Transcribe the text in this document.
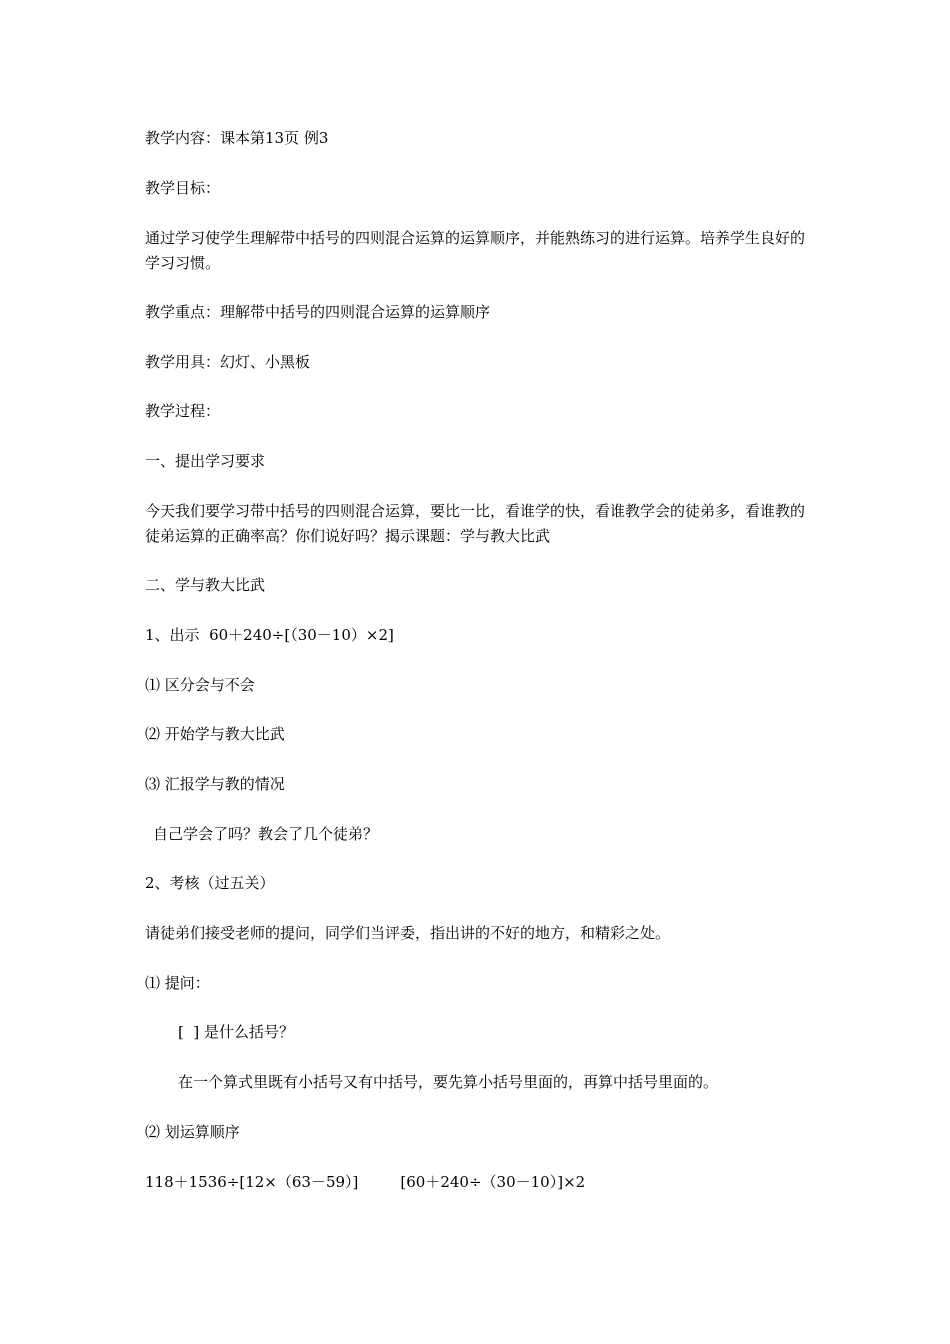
教学内容：课本第13页 例3
教学目标：
通过学习使学生理解带中括号的四则混合运算的运算顺序，并能熟练习的进行运算。培养学生良好的学习习惯。
教学重点：理解带中括号的四则混合运算的运算顺序
教学用具：幻灯、小黑板
教学过程：
一、提出学习要求
今天我们要学习带中括号的四则混合运算，要比一比，看谁学的快，看谁教学会的徒弟多，看谁教的徒弟运算的正确率高？你们说好吗？揭示课题：学与教大比武
二、学与教大比武
1、出示  60＋240÷[（30－10）×2]
⑴ 区分会与不会
⑵ 开始学与教大比武
⑶ 汇报学与教的情况
自己学会了吗？教会了几个徒弟？
2、考核（过五关）
请徒弟们接受老师的提问，同学们当评委，指出讲的不好的地方，和精彩之处。
⑴ 提问：
[  ] 是什么括号？
在一个算式里既有小括号又有中括号，要先算小括号里面的，再算中括号里面的。
⑵ 划运算顺序
118＋1536÷[12×（63－59）]	[60＋240÷（30－10）]×2
